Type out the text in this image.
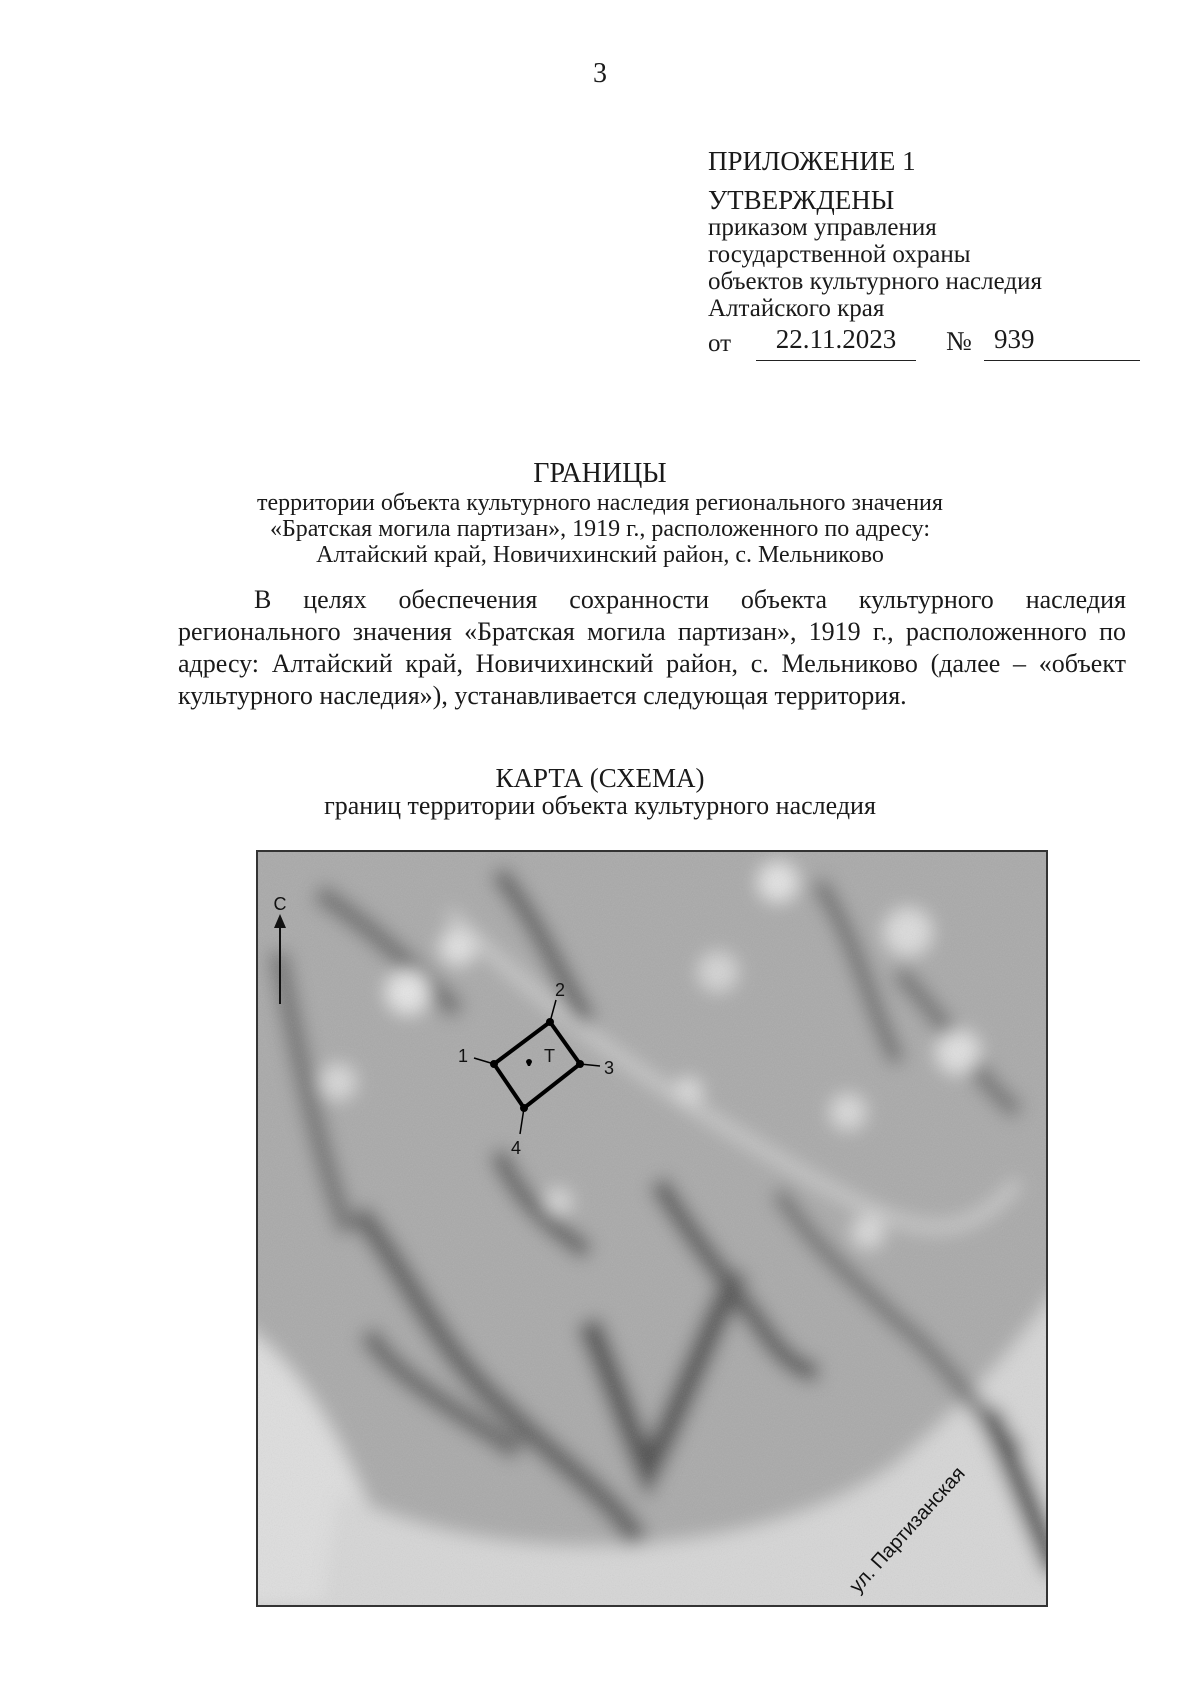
3
ПРИЛОЖЕНИЕ 1
УТВЕРЖДЕНЫ
приказом управления
государственной охраны
объектов культурного наследия
Алтайского края
от	22.11.2023	№ 939
ГРАНИЦЫ
территории объекта культурного наследия регионального значения
«Братская могила партизан», 1919 г., расположенного по адресу:
Алтайский край, Новичихинский район, с. Мельниково

В целях обеспечения сохранности объекта культурного наследия регионального значения «Братская могила партизан», 1919 г., расположенного по адресу: Алтайский край, Новичихинский район, с. Мельниково (далее – «объект культурного наследия»), устанавливается следующая территория.

КАРТА (СХЕМА)
границ территории объекта культурного наследия
С
1
2
3
4
Т
ул. Партизанская
